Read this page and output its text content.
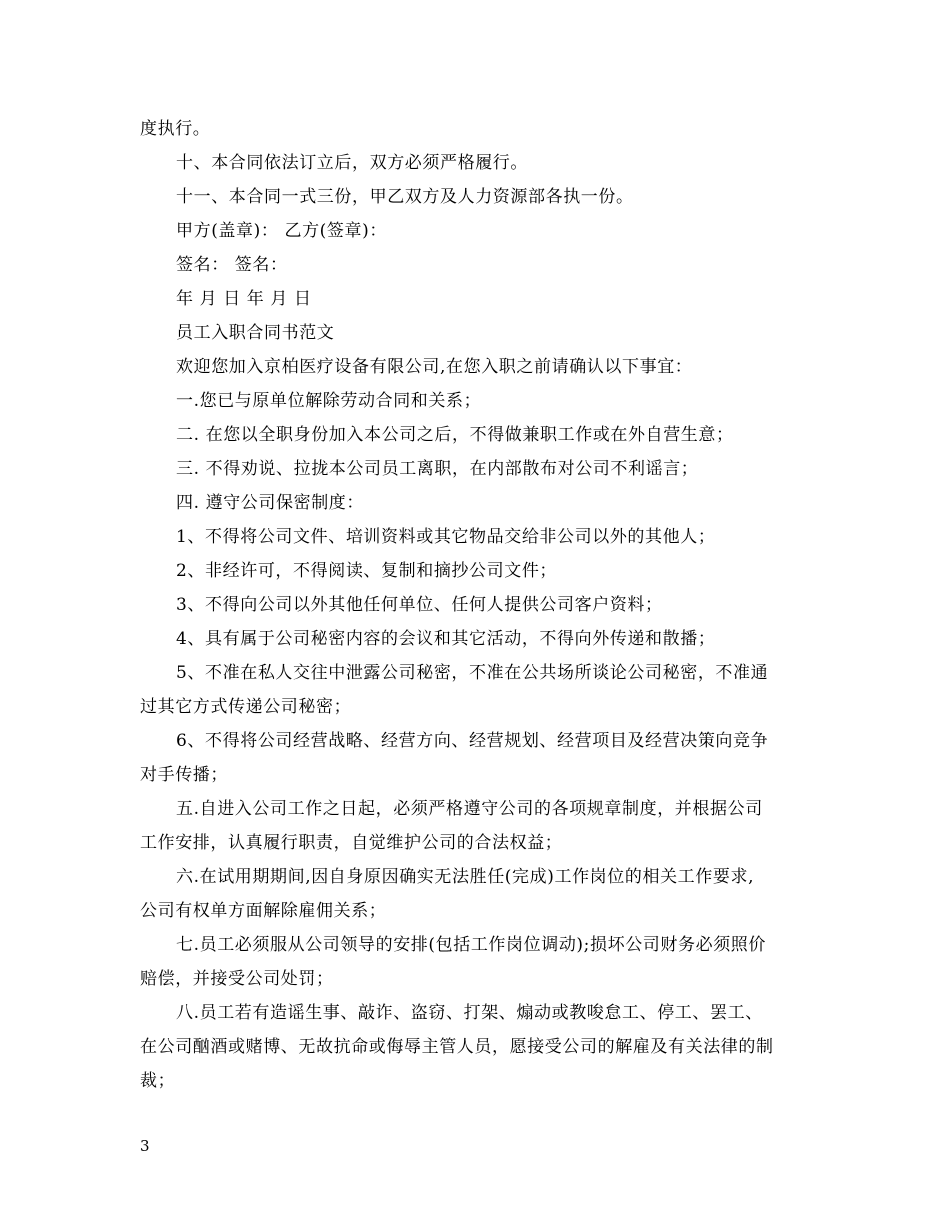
度执行。
十、本合同依法订立后，双方必须严格履行。
十一、本合同一式三份，甲乙双方及人力资源部各执一份。
甲方(盖章)： 乙方(签章)：
签名： 签名：
年 月 日 年 月 日
员工入职合同书范文
欢迎您加入京柏医疗设备有限公司,在您入职之前请确认以下事宜：
一.您已与原单位解除劳动合同和关系；
二. 在您以全职身份加入本公司之后，不得做兼职工作或在外自营生意；
三. 不得劝说、拉拢本公司员工离职，在内部散布对公司不利谣言；
四. 遵守公司保密制度：
1、不得将公司文件、培训资料或其它物品交给非公司以外的其他人；
2、非经许可，不得阅读、复制和摘抄公司文件；
3、不得向公司以外其他任何单位、任何人提供公司客户资料；
4、具有属于公司秘密内容的会议和其它活动，不得向外传递和散播；
5、不准在私人交往中泄露公司秘密，不准在公共场所谈论公司秘密，不准通
过其它方式传递公司秘密；
6、不得将公司经营战略、经营方向、经营规划、经营项目及经营决策向竞争
对手传播；
五.自进入公司工作之日起，必须严格遵守公司的各项规章制度，并根据公司
工作安排，认真履行职责，自觉维护公司的合法权益；
六.在试用期期间,因自身原因确实无法胜任(完成)工作岗位的相关工作要求,
公司有权单方面解除雇佣关系；
七.员工必须服从公司领导的安排(包括工作岗位调动);损坏公司财务必须照价
赔偿，并接受公司处罚；
八.员工若有造谣生事、敲诈、盗窃、打架、煽动或教唆怠工、停工、罢工、
在公司酗酒或赌博、无故抗命或侮辱主管人员，愿接受公司的解雇及有关法律的制
裁；
3
